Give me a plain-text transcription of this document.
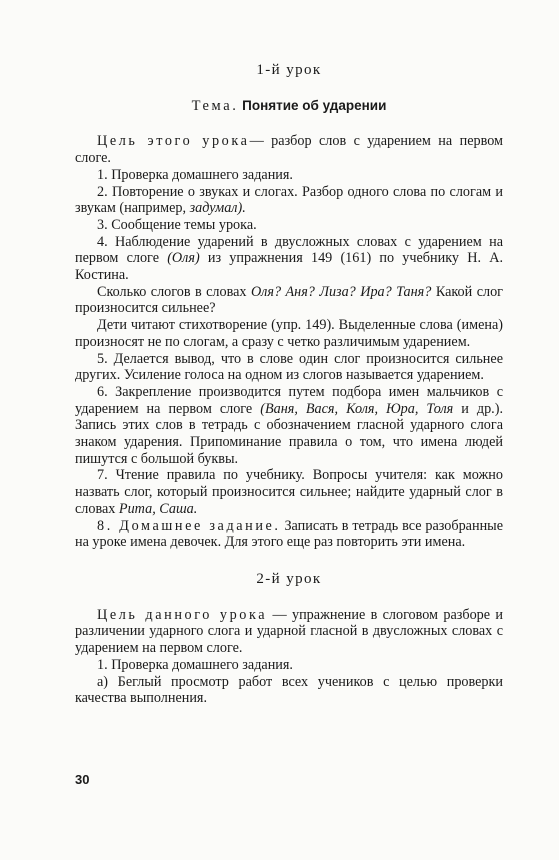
1-й урок
Тема. Понятие об ударении

Цель этого урока— разбор слов с ударением на первом слоге.

1. Проверка домашнего задания.

2. Повторение о звуках и слогах. Разбор одного слова по слогам и звукам (например, задумал).

3. Сообщение темы урока.

4. Наблюдение ударений в двусложных словах с ударением на первом слоге (Оля) из упражнения 149 (161) по учебнику Н. А. Костина.

Сколько слогов в словах Оля? Аня? Лиза? Ира? Таня? Какой слог произносится сильнее?

Дети читают стихотворение (упр. 149). Выделенные слова (имена) произносят не по слогам, а сразу с четко различимым ударением.

5. Делается вывод, что в слове один слог произносится сильнее других. Усиление голоса на одном из слогов называется ударением.

6. Закрепление производится путем подбора имен мальчиков с ударением на первом слоге (Ваня, Вася, Коля, Юра, Толя и др.). Запись этих слов в тетрадь с обозначением гласной ударного слога знаком ударения. Припоминание правила о том, что имена людей пишутся с большой буквы.

7. Чтение правила по учебнику. Вопросы учителя: как можно назвать слог, который произносится сильнее; найдите ударный слог в словах Рита, Саша.

8. Домашнее задание. Записать в тетрадь все разобранные на уроке имена девочек. Для этого еще раз повторить эти имена.

2-й урок

Цель данного урока — упражнение в слоговом разборе и различении ударного слога и ударной гласной в двусложных словах с ударением на первом слоге.

1. Проверка домашнего задания.

а) Беглый просмотр работ всех учеников с целью проверки качества выполнения.

30
